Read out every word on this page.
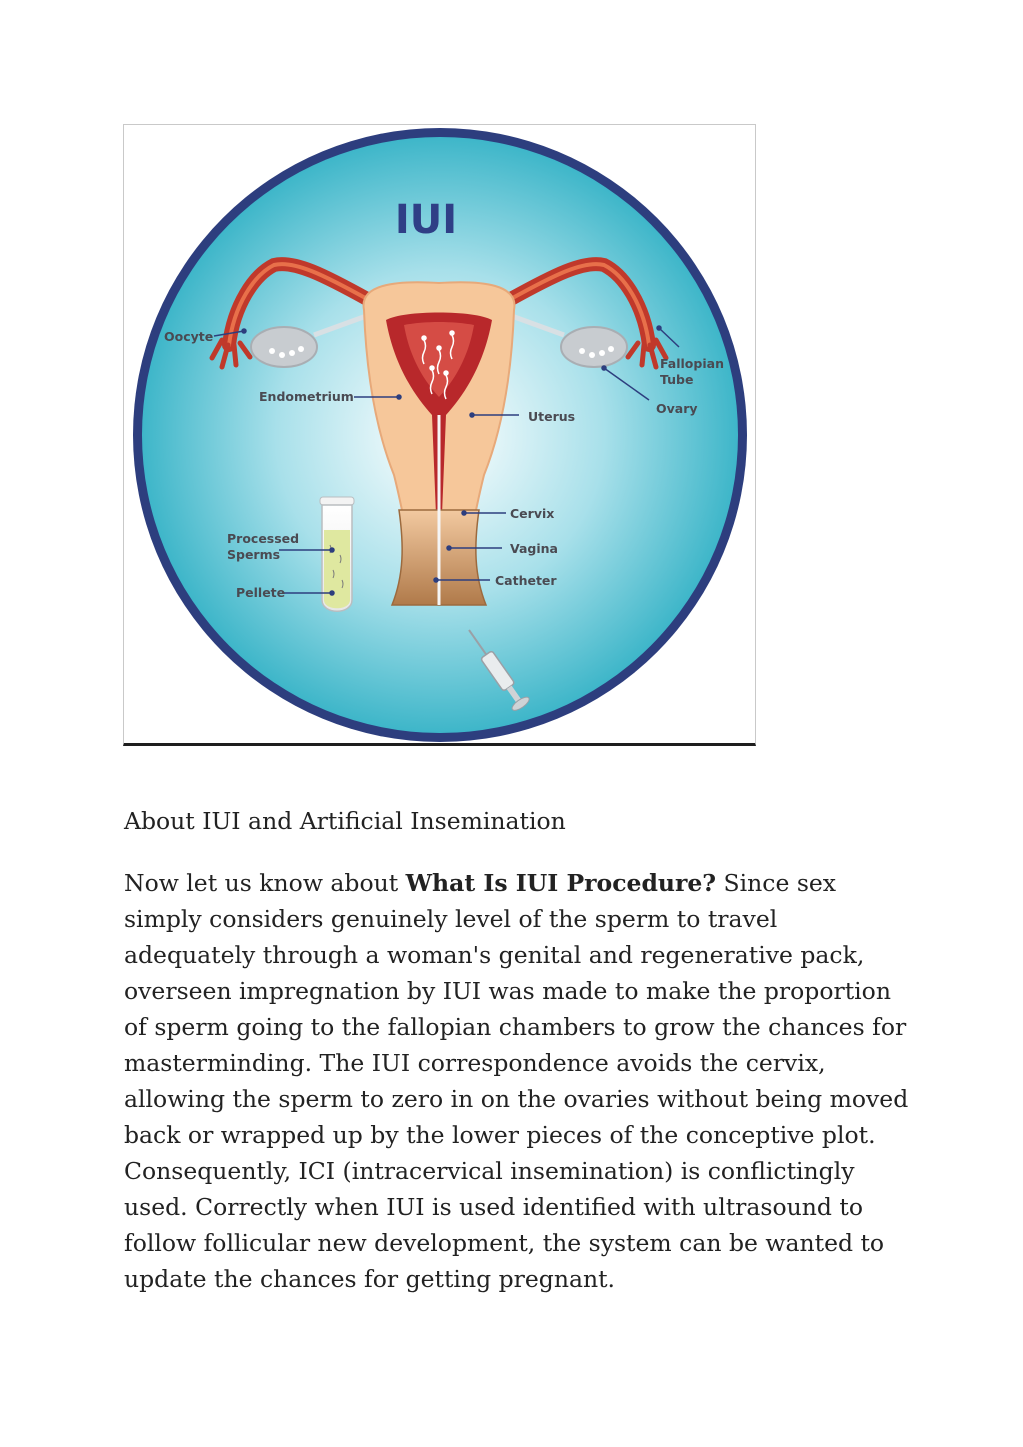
IUI
Oocyte
Fallopian
Tube
Ovary
Endometrium
Uterus
Cervix
Vagina
Catheter
Processed
Sperms
Pellete
About IUI and Artificial Insemination

Now let us know about What Is IUI Procedure? Since sex simply considers genuinely level of the sperm to travel adequately through a woman's genital and regenerative pack, overseen impregnation by IUI was made to make the proportion of sperm going to the fallopian chambers to grow the chances for masterminding. The IUI correspondence avoids the cervix, allowing the sperm to zero in on the ovaries without being moved back or wrapped up by the lower pieces of the conceptive plot. Consequently, ICI (intracervical insemination) is conflictingly used. Correctly when IUI is used identified with ultrasound to follow follicular new development, the system can be wanted to update the chances for getting pregnant.
